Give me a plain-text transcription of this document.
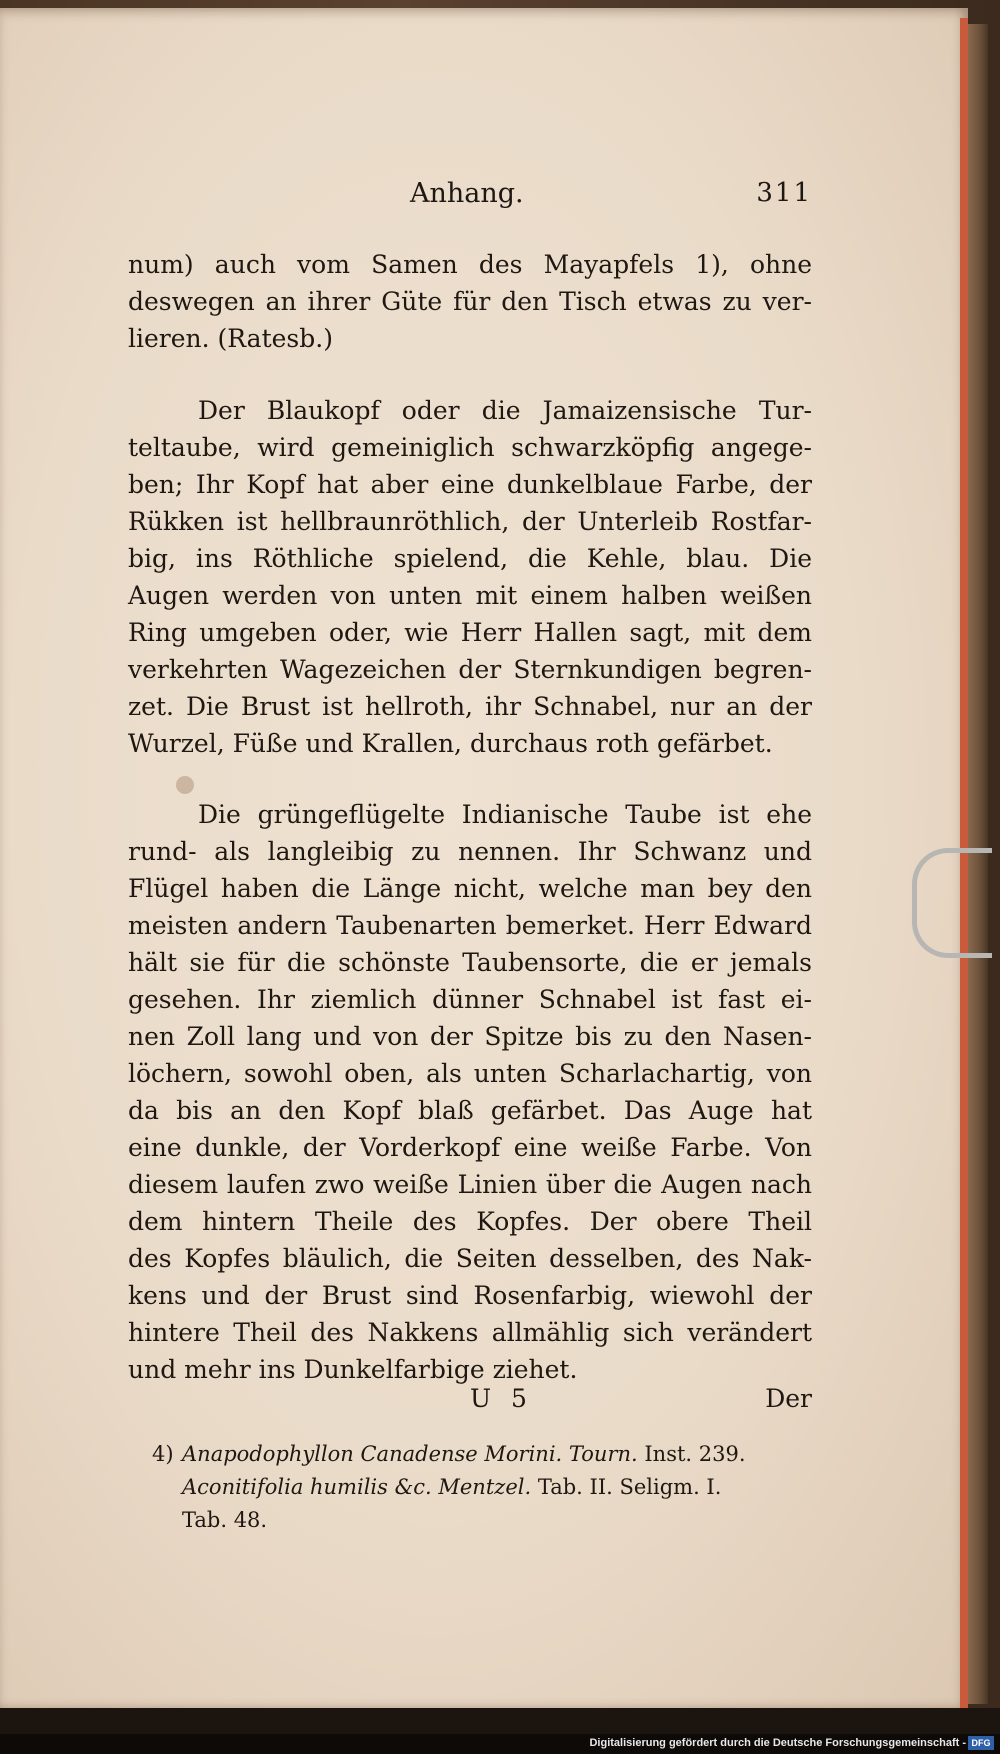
Anhang.	311
num) auch vom Samen des Mayapfels 1), ohne
deswegen an ihrer Güte für den Tisch etwas zu ver-
lieren. (Ratesb.)
Der Blaukopf oder die Jamaizensische Tur-
teltaube, wird gemeiniglich schwarzköpfig angege-
ben; Ihr Kopf hat aber eine dunkelblaue Farbe, der
Rükken ist hellbraunröthlich, der Unterleib Rostfar-
big, ins Röthliche spielend, die Kehle, blau. Die
Augen werden von unten mit einem halben weißen
Ring umgeben oder, wie Herr Hallen sagt, mit dem
verkehrten Wagezeichen der Sternkundigen begren-
zet. Die Brust ist hellroth, ihr Schnabel, nur an der
Wurzel, Füße und Krallen, durchaus roth gefärbet.
Die grüngeflügelte Indianische Taube ist ehe
rund- als langleibig zu nennen. Ihr Schwanz und
Flügel haben die Länge nicht, welche man bey den
meisten andern Taubenarten bemerket. Herr Edward
hält sie für die schönste Taubensorte, die er jemals
gesehen. Ihr ziemlich dünner Schnabel ist fast ei-
nen Zoll lang und von der Spitze bis zu den Nasen-
löchern, sowohl oben, als unten Scharlachartig, von
da bis an den Kopf blaß gefärbet. Das Auge hat
eine dunkle, der Vorderkopf eine weiße Farbe. Von
diesem laufen zwo weiße Linien über die Augen nach
dem hintern Theile des Kopfes. Der obere Theil
des Kopfes bläulich, die Seiten desselben, des Nak-
kens und der Brust sind Rosenfarbig, wiewohl der
hintere Theil des Nakkens allmählig sich verändert
und mehr ins Dunkelfarbige ziehet.
U 5	Der
4) Anapodophyllon Canadense Morini. Tourn. Inst. 239.
Aconitifolia humilis &c. Mentzel. Tab. II. Seligm. I.
Tab. 48.
Digitalisierung gefördert durch die Deutsche Forschungsgemeinschaft - DFG
